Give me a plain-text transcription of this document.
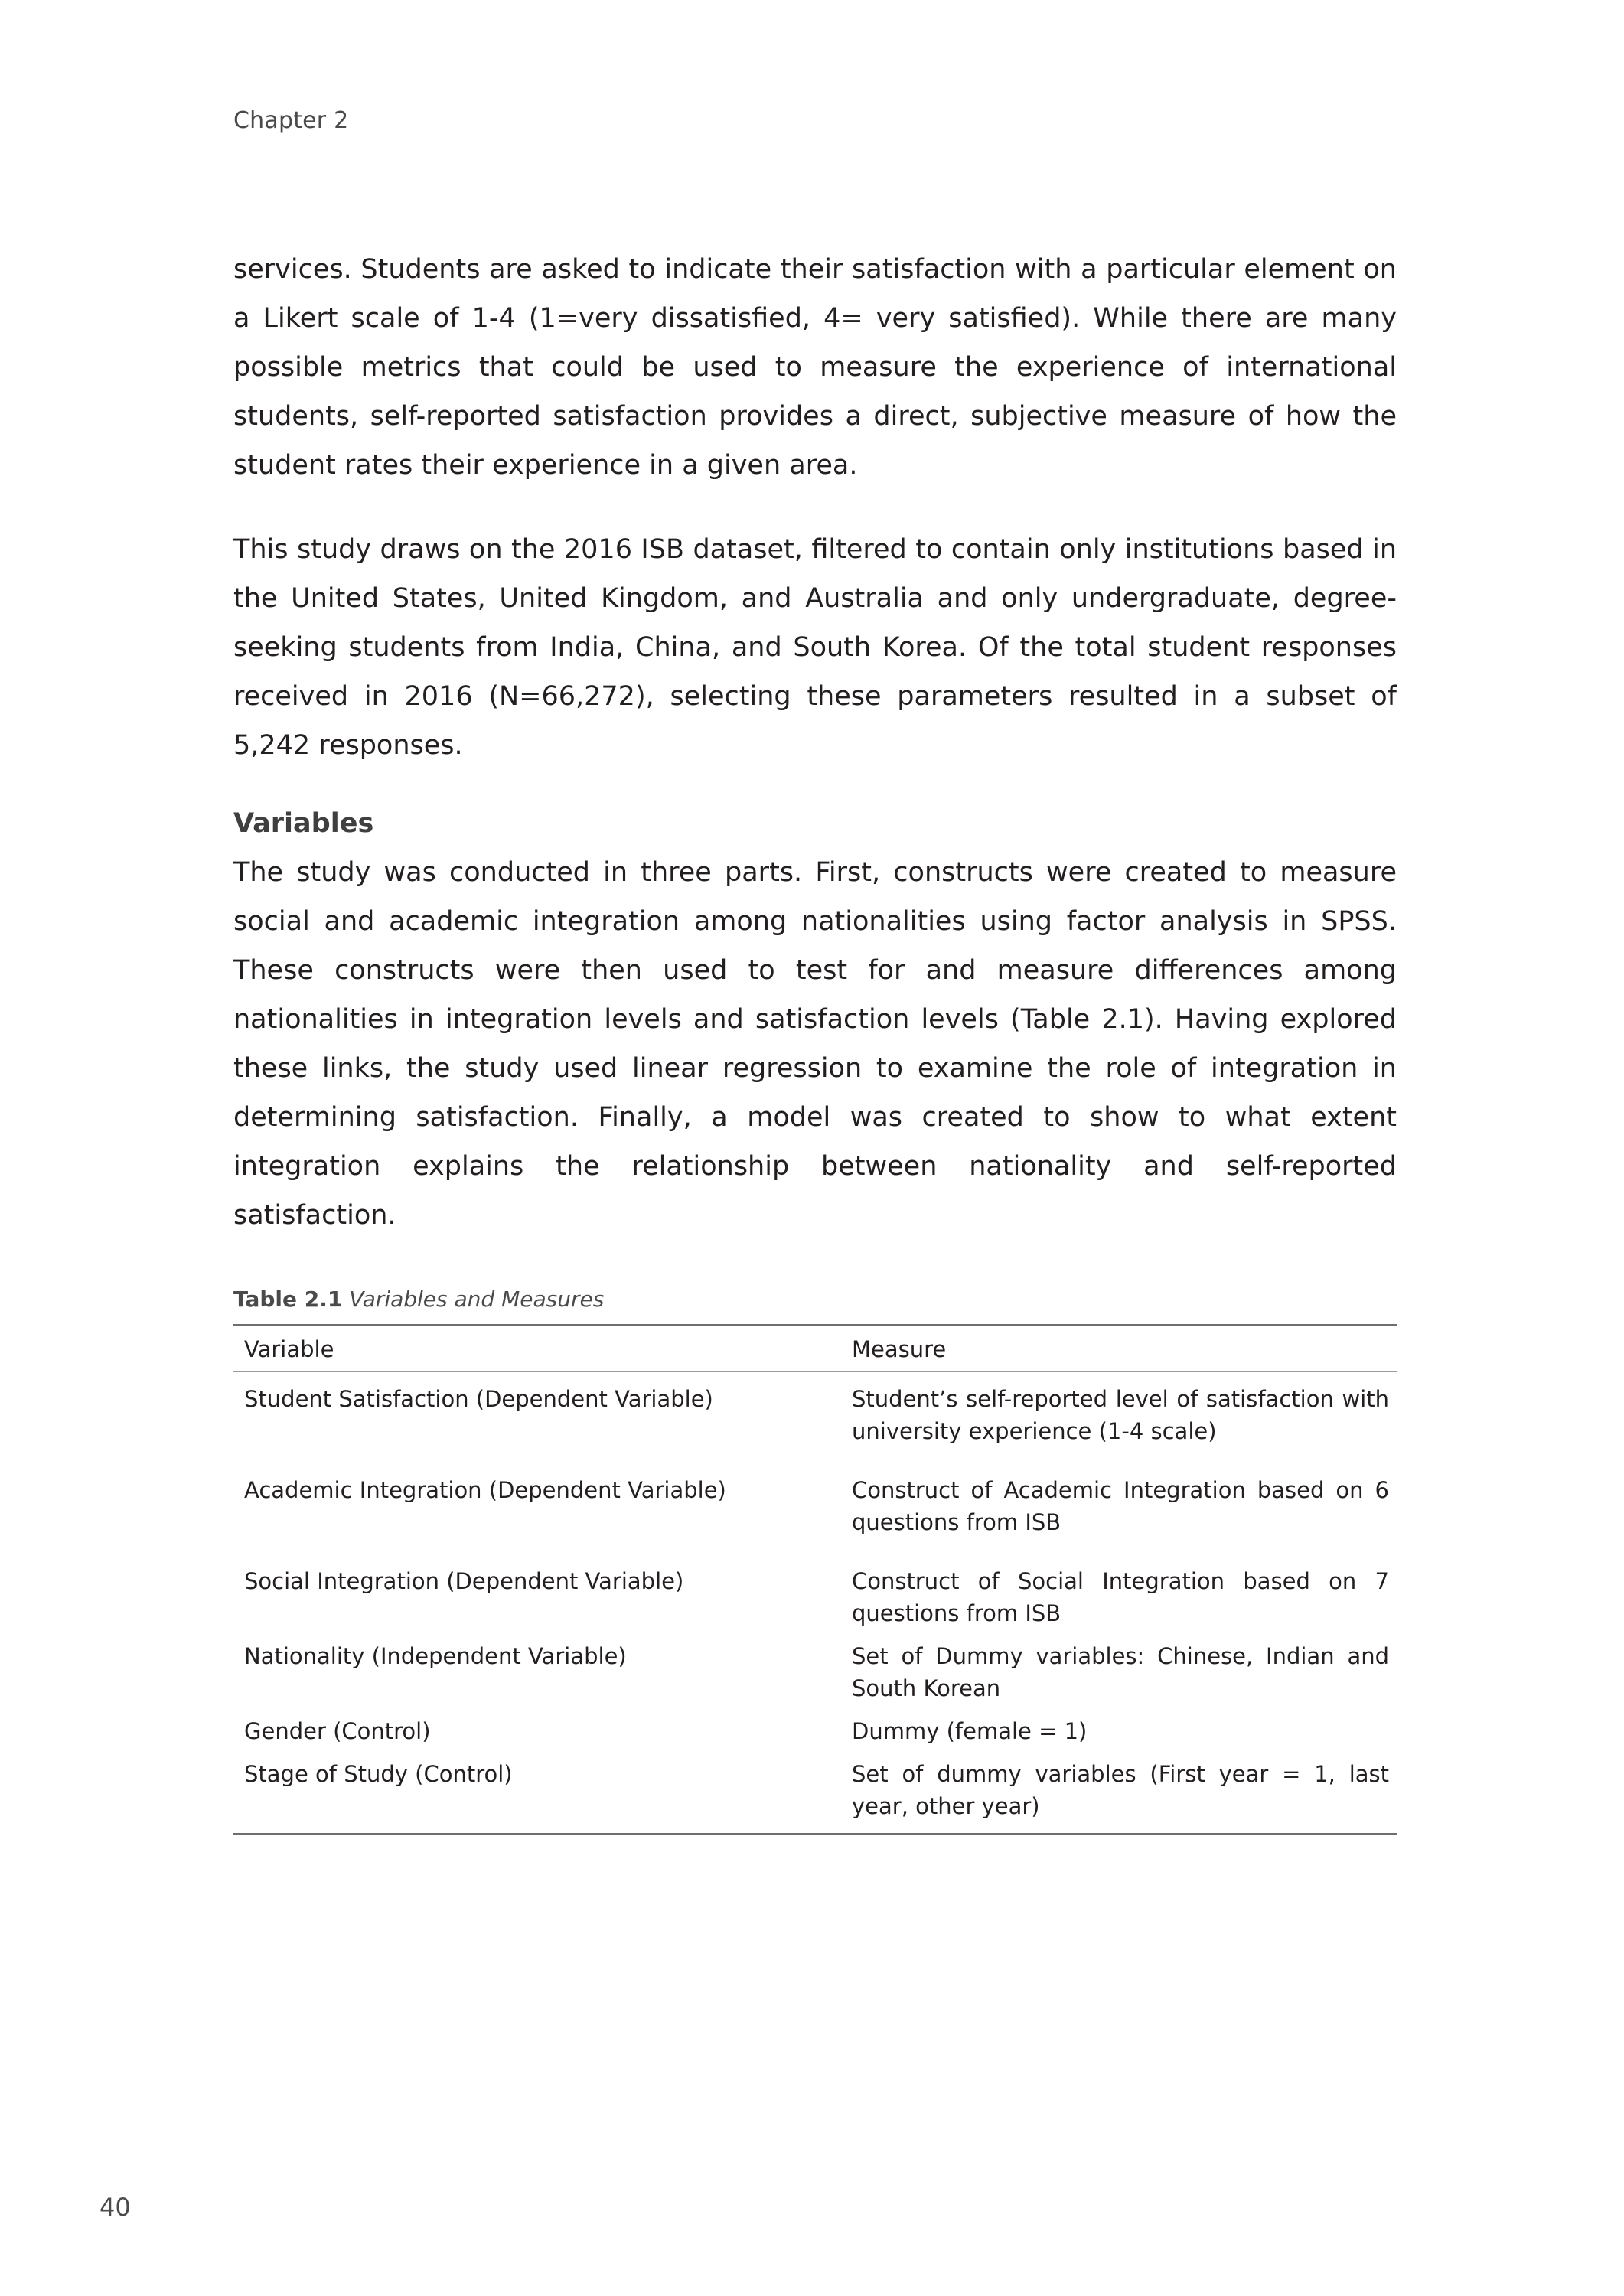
Chapter 2

services. Students are asked to indicate their satisfaction with a particular element on a Likert scale of 1-4 (1=very dissatisfied, 4= very satisfied). While there are many possible metrics that could be used to measure the experience of international students, self-reported satisfaction provides a direct, subjective measure of how the student rates their experience in a given area.

This study draws on the 2016 ISB dataset, filtered to contain only institutions based in the United States, United Kingdom, and Australia and only undergraduate, degree-seeking students from India, China, and South Korea. Of the total student responses received in 2016 (N=66,272), selecting these parameters resulted in a subset of 5,242 responses.

Variables

The study was conducted in three parts. First, constructs were created to measure social and academic integration among nationalities using factor analysis in SPSS. These constructs were then used to test for and measure differences among nationalities in integration levels and satisfaction levels (Table 2.1). Having explored these links, the study used linear regression to examine the role of integration in determining satisfaction. Finally, a model was created to show to what extent integration explains the relationship between nationality and self-reported satisfaction.

Table 2.1 Variables and Measures
Variable	Measure
Student Satisfaction (Dependent Variable)	Student’s self-reported level of satisfaction with university experience (1-4 scale)
Academic Integration (Dependent Variable)	Construct of Academic Integration based on 6 questions from ISB
Social Integration (Dependent Variable)	Construct of Social Integration based on 7 questions from ISB
Nationality (Independent Variable)	Set of Dummy variables: Chinese, Indian and South Korean
Gender (Control)	Dummy (female = 1)
Stage of Study (Control)	Set of dummy variables (First year = 1, last year, other year)
40
